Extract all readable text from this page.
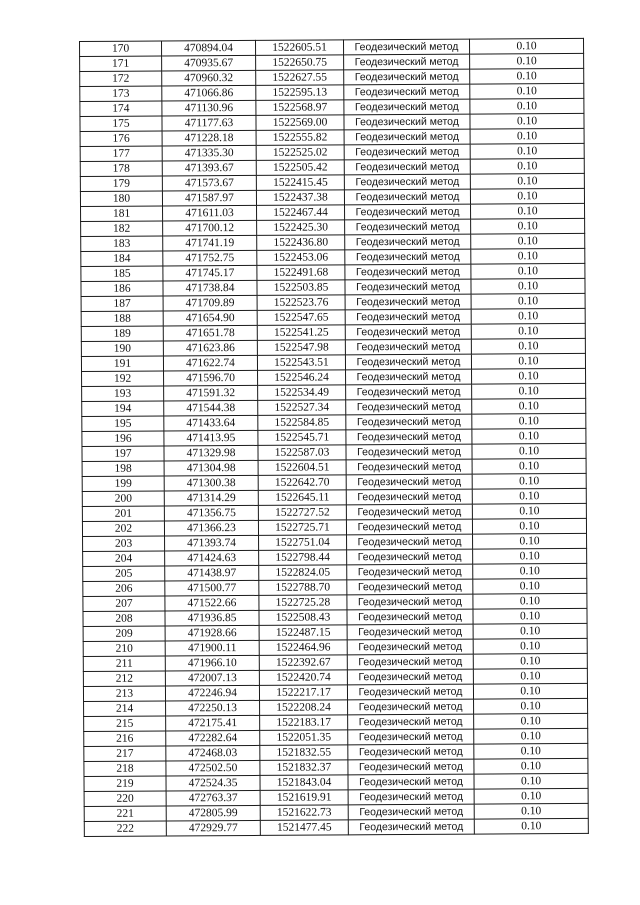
170	470894.04	1522605.51	Геодезический метод	0.10
171	470935.67	1522650.75	Геодезический метод	0.10
172	470960.32	1522627.55	Геодезический метод	0.10
173	471066.86	1522595.13	Геодезический метод	0.10
174	471130.96	1522568.97	Геодезический метод	0.10
175	471177.63	1522569.00	Геодезический метод	0.10
176	471228.18	1522555.82	Геодезический метод	0.10
177	471335.30	1522525.02	Геодезический метод	0.10
178	471393.67	1522505.42	Геодезический метод	0.10
179	471573.67	1522415.45	Геодезический метод	0.10
180	471587.97	1522437.38	Геодезический метод	0.10
181	471611.03	1522467.44	Геодезический метод	0.10
182	471700.12	1522425.30	Геодезический метод	0.10
183	471741.19	1522436.80	Геодезический метод	0.10
184	471752.75	1522453.06	Геодезический метод	0.10
185	471745.17	1522491.68	Геодезический метод	0.10
186	471738.84	1522503.85	Геодезический метод	0.10
187	471709.89	1522523.76	Геодезический метод	0.10
188	471654.90	1522547.65	Геодезический метод	0.10
189	471651.78	1522541.25	Геодезический метод	0.10
190	471623.86	1522547.98	Геодезический метод	0.10
191	471622.74	1522543.51	Геодезический метод	0.10
192	471596.70	1522546.24	Геодезический метод	0.10
193	471591.32	1522534.49	Геодезический метод	0.10
194	471544.38	1522527.34	Геодезический метод	0.10
195	471433.64	1522584.85	Геодезический метод	0.10
196	471413.95	1522545.71	Геодезический метод	0.10
197	471329.98	1522587.03	Геодезический метод	0.10
198	471304.98	1522604.51	Геодезический метод	0.10
199	471300.38	1522642.70	Геодезический метод	0.10
200	471314.29	1522645.11	Геодезический метод	0.10
201	471356.75	1522727.52	Геодезический метод	0.10
202	471366.23	1522725.71	Геодезический метод	0.10
203	471393.74	1522751.04	Геодезический метод	0.10
204	471424.63	1522798.44	Геодезический метод	0.10
205	471438.97	1522824.05	Геодезический метод	0.10
206	471500.77	1522788.70	Геодезический метод	0.10
207	471522.66	1522725.28	Геодезический метод	0.10
208	471936.85	1522508.43	Геодезический метод	0.10
209	471928.66	1522487.15	Геодезический метод	0.10
210	471900.11	1522464.96	Геодезический метод	0.10
211	471966.10	1522392.67	Геодезический метод	0.10
212	472007.13	1522420.74	Геодезический метод	0.10
213	472246.94	1522217.17	Геодезический метод	0.10
214	472250.13	1522208.24	Геодезический метод	0.10
215	472175.41	1522183.17	Геодезический метод	0.10
216	472282.64	1522051.35	Геодезический метод	0.10
217	472468.03	1521832.55	Геодезический метод	0.10
218	472502.50	1521832.37	Геодезический метод	0.10
219	472524.35	1521843.04	Геодезический метод	0.10
220	472763.37	1521619.91	Геодезический метод	0.10
221	472805.99	1521622.73	Геодезический метод	0.10
222	472929.77	1521477.45	Геодезический метод	0.10
